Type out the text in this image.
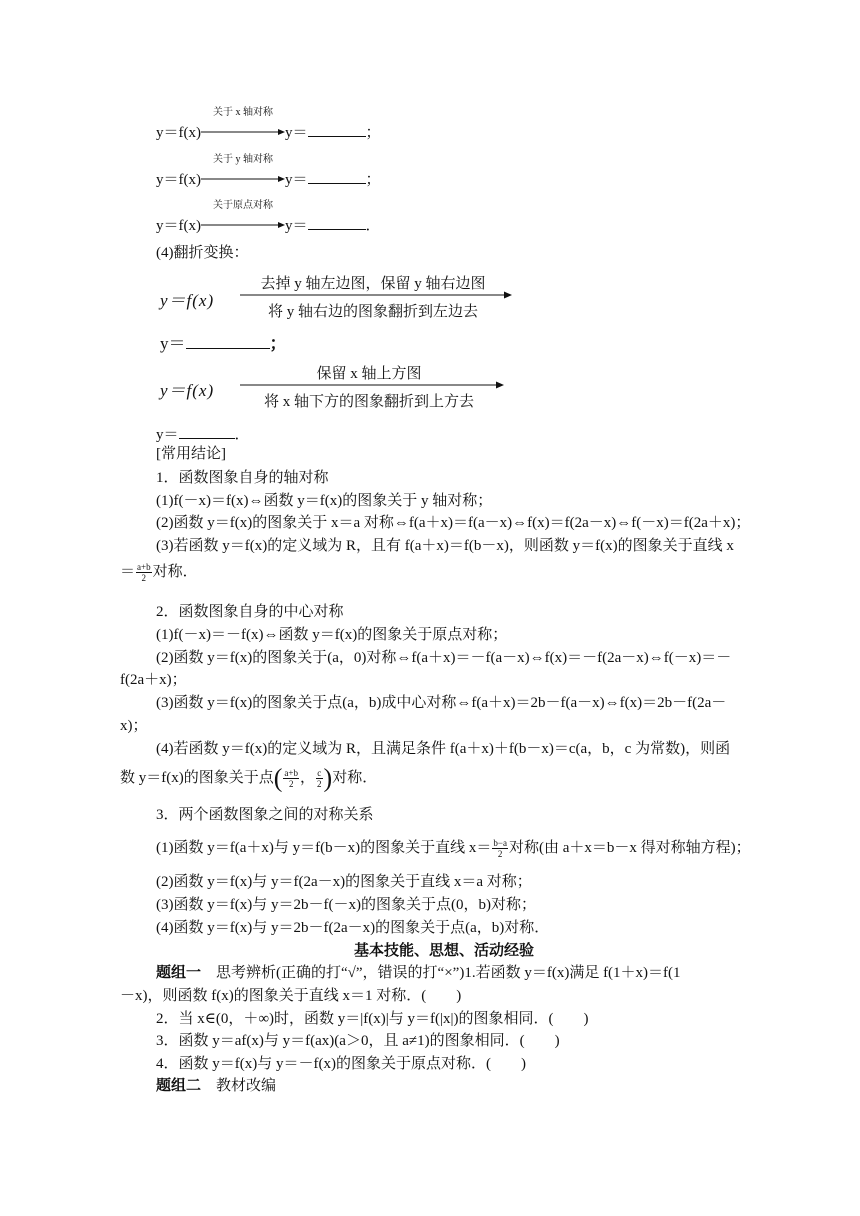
y＝f(x)
关于 x 轴对称
y＝	；
y＝f(x)
关于 y 轴对称
y＝	；
y＝f(x)
关于原点对称
y＝	．
(4)翻折变换：
y＝f(x)
去掉 y 轴左边图，保留 y 轴右边图
将 y 轴右边的图象翻折到左边去
y＝	；
y＝f(x)
保留 x 轴上方图
将 x 轴下方的图象翻折到上方去
y＝	．
[常用结论]
1．函数图象自身的轴对称
(1)f(－x)＝f(x)⇔函数 y＝f(x)的图象关于 y 轴对称；
(2)函数 y＝f(x)的图象关于 x＝a 对称⇔f(a＋x)＝f(a－x)⇔f(x)＝f(2a－x)⇔f(－x)＝f(2a＋x)；
(3)若函数 y＝f(x)的定义域为 R，且有 f(a＋x)＝f(b－x)，则函数 y＝f(x)的图象关于直线 x
＝ $\frac{a+b}{2}$ 对称．
2．函数图象自身的中心对称
(1)f(－x)＝－f(x)⇔函数 y＝f(x)的图象关于原点对称；
(2)函数 y＝f(x)的图象关于(a，0)对称⇔f(a＋x)＝－f(a－x)⇔f(x)＝－f(2a－x)⇔f(－x)＝－
f(2a＋x)；
(3)函数 y＝f(x)的图象关于点(a，b)成中心对称⇔f(a＋x)＝2b－f(a－x)⇔f(x)＝2b－f(2a－
x)；
(4)若函数 y＝f(x)的定义域为 R，且满足条件 f(a＋x)＋f(b－x)＝c(a，b，c 为常数)，则函
数 y＝f(x)的图象关于点( $\frac{a+b}{2}$ ， $\frac{c}{2}$ )对称．
3．两个函数图象之间的对称关系
(1)函数 y＝f(a＋x)与 y＝f(b－x)的图象关于直线 $x= \frac{b-a}{2}$ 对称(由 a＋x＝b－x 得对称轴方程)；
(2)函数 y＝f(x)与 y＝f(2a－x)的图象关于直线 x＝a 对称；
(3)函数 y＝f(x)与 y＝2b－f(－x)的图象关于点(0，b)对称；
(4)函数 y＝f(x)与 y＝2b－f(2a－x)的图象关于点(a，b)对称．
基本技能、思想、活动经验
题组一　思考辨析(正确的打“√”，错误的打“×”)1.若函数 y＝f(x)满足 f(1＋x)＝f(1
－x)，则函数 f(x)的图象关于直线 x＝1 对称．(　　)
2．当 x∈(0，＋∞)时，函数 y＝|f(x)|与 y＝f(|x|)的图象相同．(　　)
3．函数 y＝af(x)与 y＝f(ax)(a＞0，且 a≠1)的图象相同．(　　)
4．函数 y＝f(x)与 y＝－f(x)的图象关于原点对称．(　　)
题组二　教材改编
